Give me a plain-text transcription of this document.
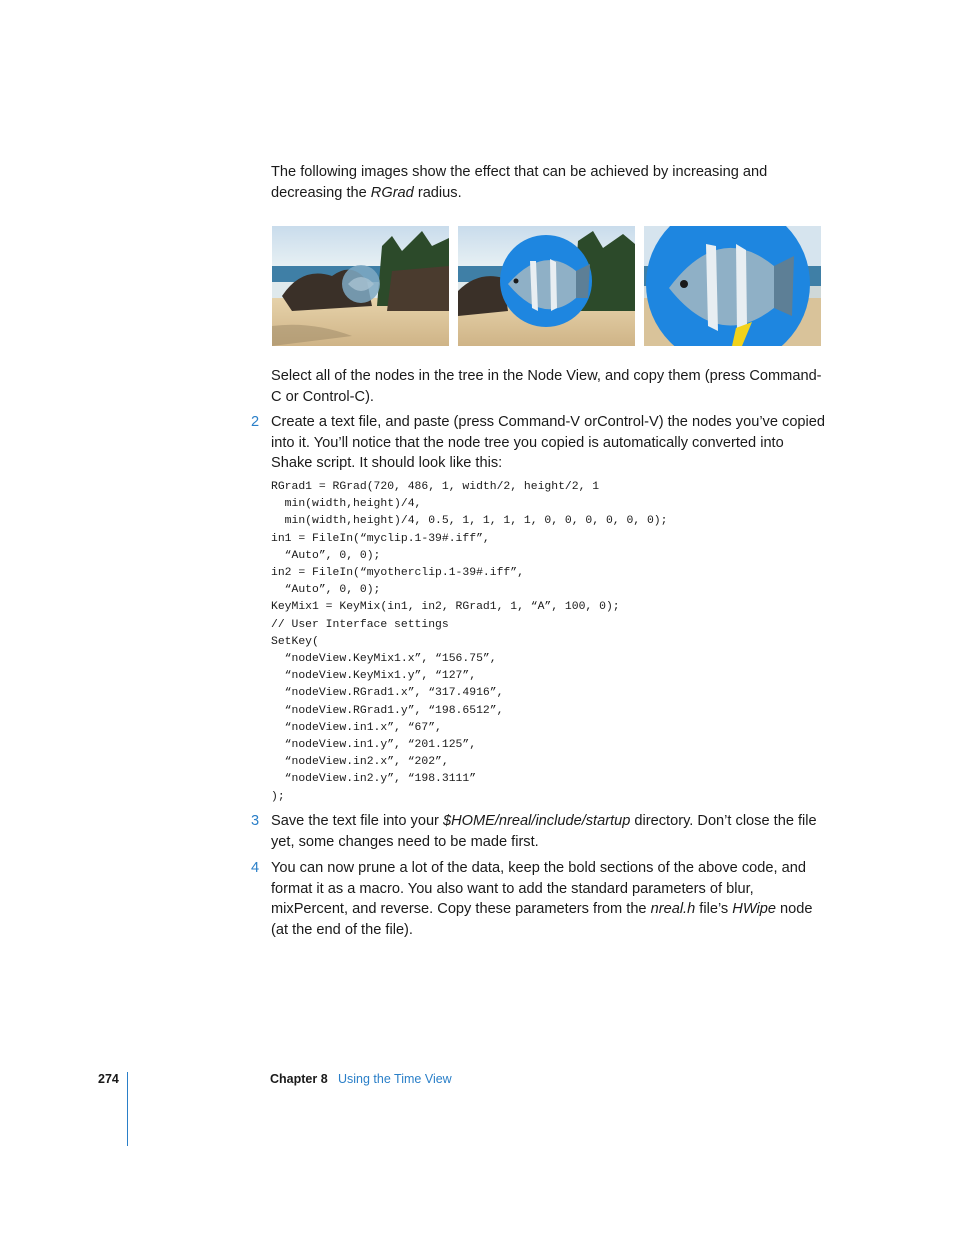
The following images show the effect that can be achieved by increasing and decreasing the RGrad radius.

Select all of the nodes in the tree in the Node View, and copy them (press Command-C or Control-C).

2 Create a text file, and paste (press Command-V orControl-V) the nodes you’ve copied into it. You’ll notice that the node tree you copied is automatically converted into Shake script. It should look like this:

RGrad1 = RGrad(720, 486, 1, width/2, height/2, 1
min(width,height)/4,
min(width,height)/4, 0.5, 1, 1, 1, 1, 0, 0, 0, 0, 0, 0);
in1 = FileIn(“myclip.1-39#.iff”,
“Auto”, 0, 0);
in2 = FileIn(“myotherclip.1-39#.iff”,
“Auto”, 0, 0);
KeyMix1 = KeyMix(in1, in2, RGrad1, 1, “A”, 100, 0);
// User Interface settings
SetKey(
“nodeView.KeyMix1.x”, “156.75”,
“nodeView.KeyMix1.y”, “127”,
“nodeView.RGrad1.x”, “317.4916”,
“nodeView.RGrad1.y”, “198.6512”,
“nodeView.in1.x”, “67”,
“nodeView.in1.y”, “201.125”,
“nodeView.in2.x”, “202”,
“nodeView.in2.y”, “198.3111”
);
3 Save the text file into your $HOME/nreal/include/startup directory. Don’t close the file yet, some changes need to be made first.

4 You can now prune a lot of the data, keep the bold sections of the above code, and format it as a macro. You also want to add the standard parameters of blur, mixPercent, and reverse. Copy these parameters from the nreal.h file’s HWipe node (at the end of the file).

274	Chapter 8 Using the Time View
